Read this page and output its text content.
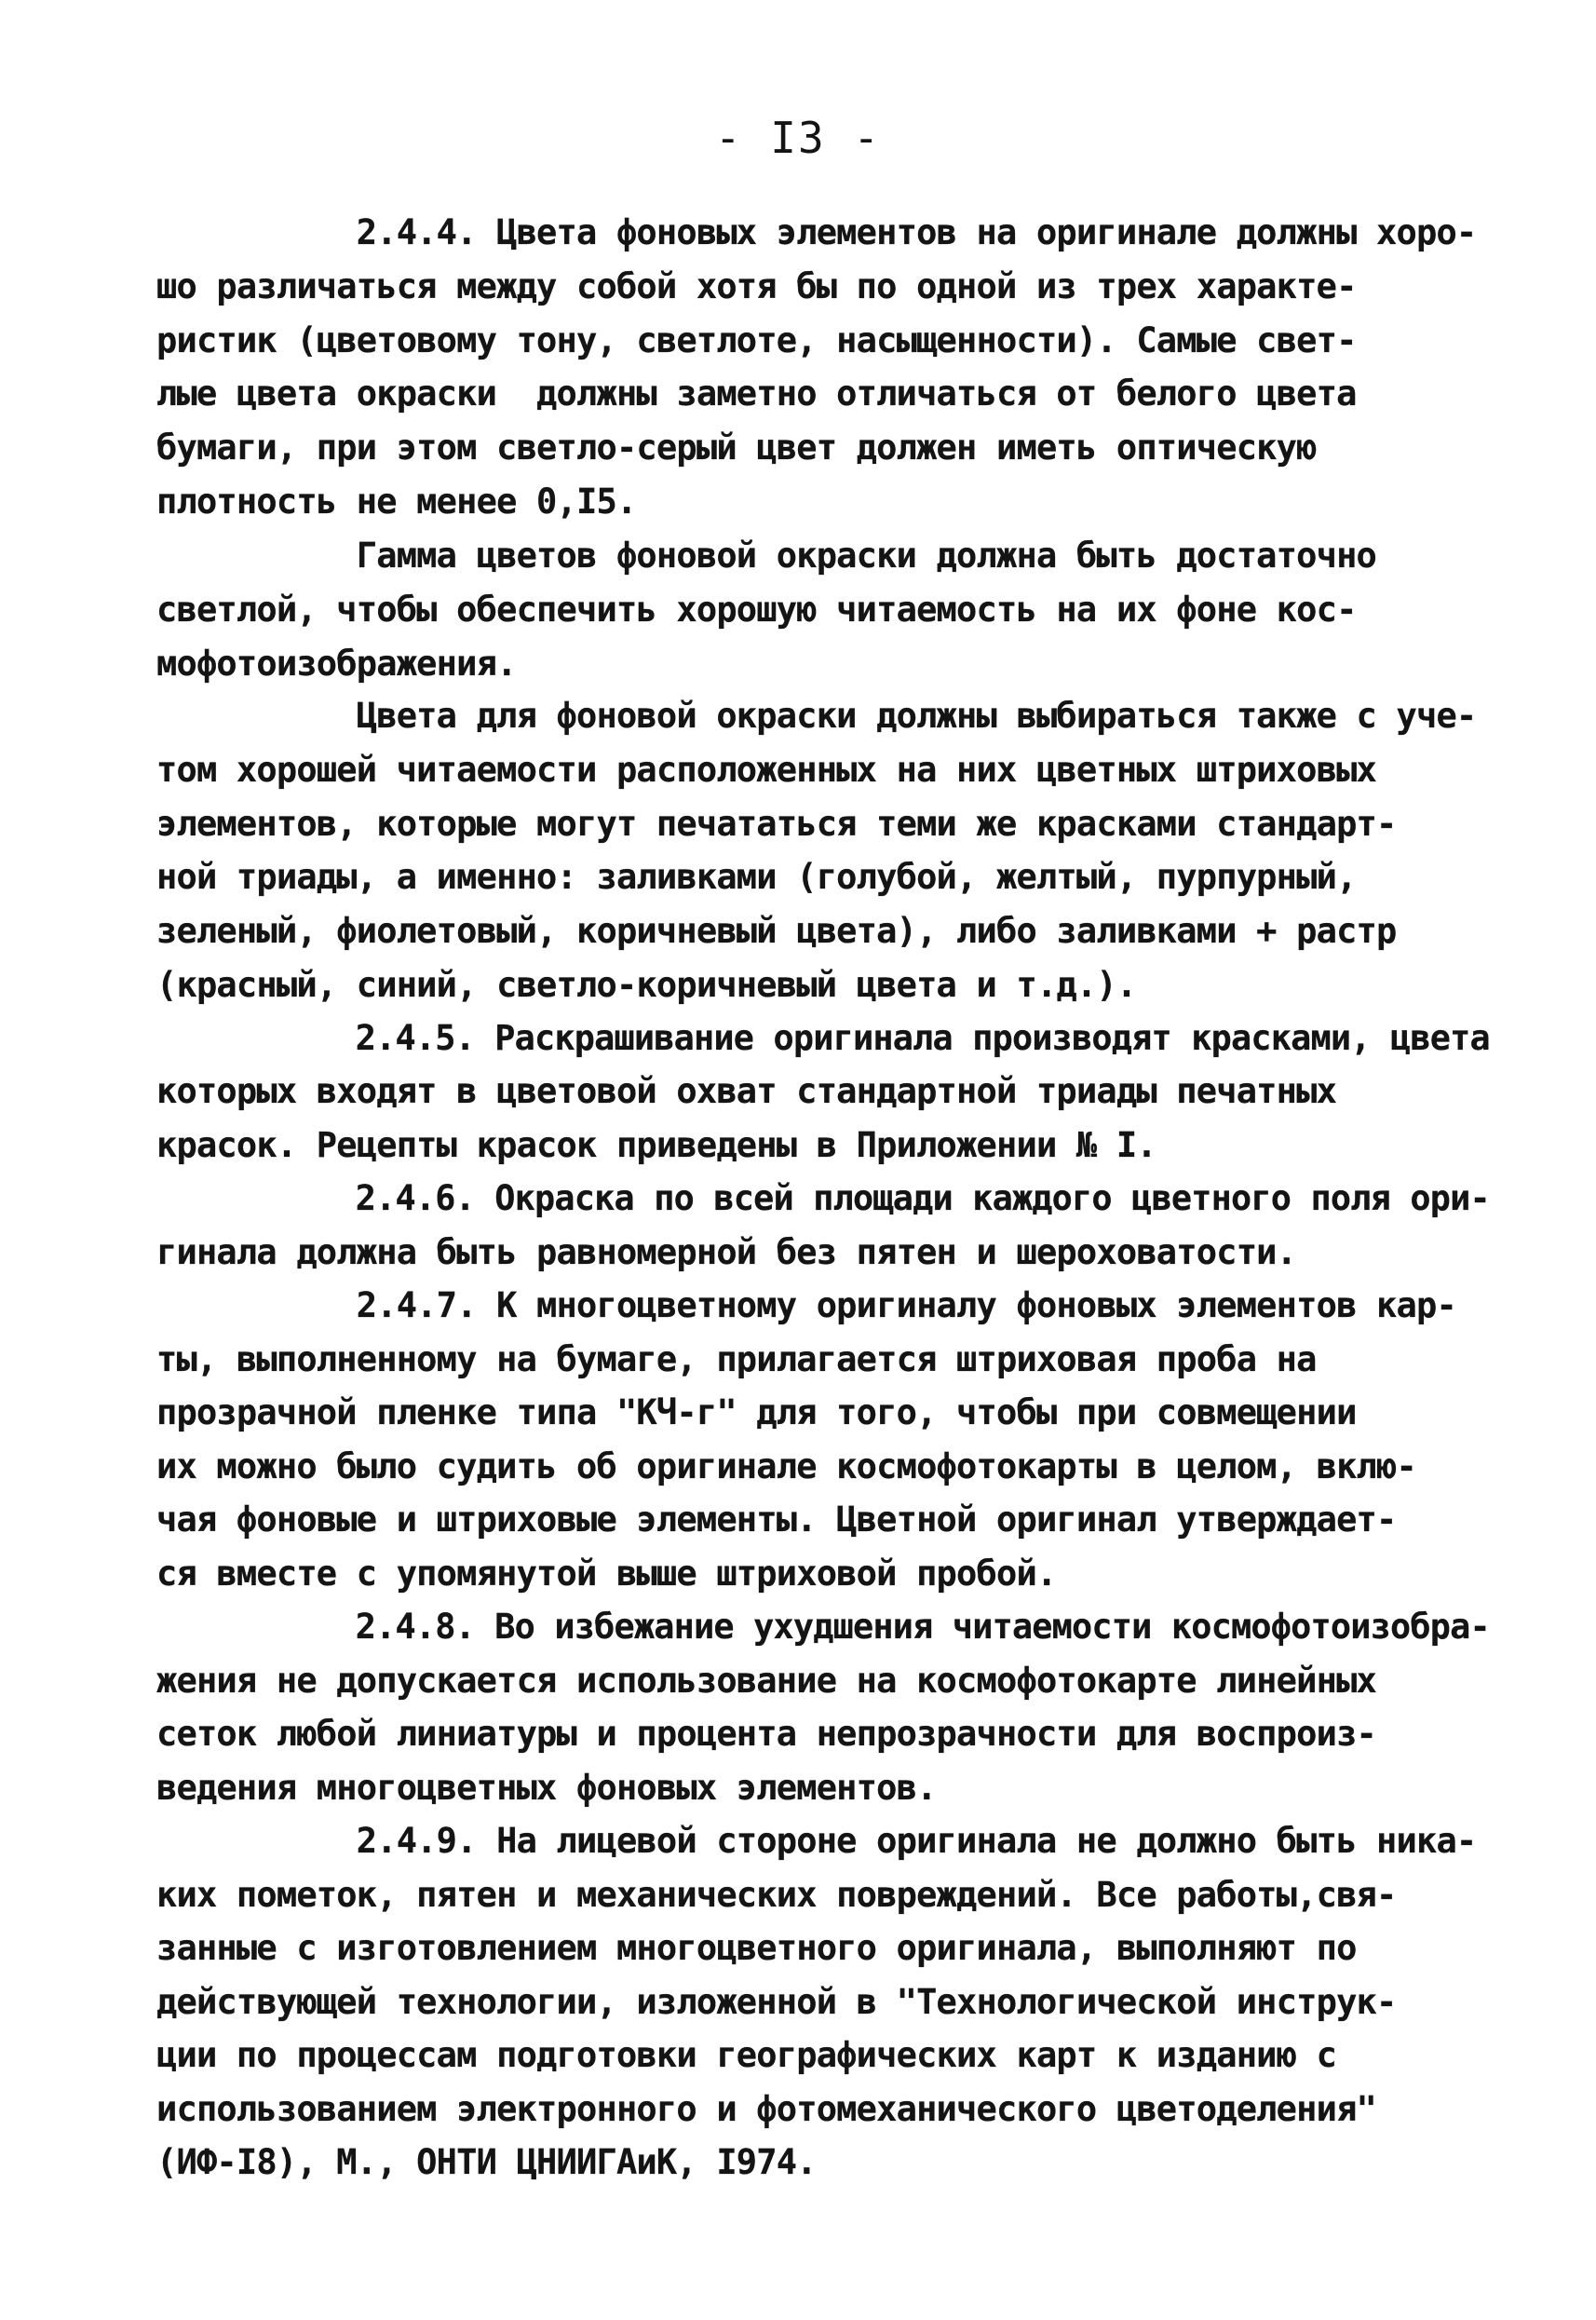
- I3 -
2.4.4. Цвета фоновых элементов на оригинале должны хоро-
шо различаться между собой хотя бы по одной из трех характе-
ристик (цветовому тону, светлоте, насыщенности). Самые свет-
лые цвета окраски  должны заметно отличаться от белого цвета
бумаги, при этом светло-серый цвет должен иметь оптическую
плотность не менее 0,I5.
Гамма цветов фоновой окраски должна быть достаточно
светлой, чтобы обеспечить хорошую читаемость на их фоне кос-
мофотоизображения.
Цвета для фоновой окраски должны выбираться также с уче-
том хорошей читаемости расположенных на них цветных штриховых
элементов, которые могут печататься теми же красками стандарт-
ной триады, а именно: заливками (голубой, желтый, пурпурный,
зеленый, фиолетовый, коричневый цвета), либо заливками + растр
(красный, синий, светло-коричневый цвета и т.д.).
2.4.5. Раскрашивание оригинала производят красками, цвета
которых входят в цветовой охват стандартной триады печатных
красок. Рецепты красок приведены в Приложении № I.
2.4.6. Окраска по всей площади каждого цветного поля ори-
гинала должна быть равномерной без пятен и шероховатости.
2.4.7. К многоцветному оригиналу фоновых элементов кар-
ты, выполненному на бумаге, прилагается штриховая проба на
прозрачной пленке типа "КЧ-г" для того, чтобы при совмещении
их можно было судить об оригинале космофотокарты в целом, вклю-
чая фоновые и штриховые элементы. Цветной оригинал утверждает-
ся вместе с упомянутой выше штриховой пробой.
2.4.8. Во избежание ухудшения читаемости космофотоизобра-
жения не допускается использование на космофотокарте линейных
сеток любой линиатуры и процента непрозрачности для воспроиз-
ведения многоцветных фоновых элементов.
2.4.9. На лицевой стороне оригинала не должно быть ника-
ких пометок, пятен и механических повреждений. Все работы,свя-
занные с изготовлением многоцветного оригинала, выполняют по
действующей технологии, изложенной в "Технологической инструк-
ции по процессам подготовки географических карт к изданию с
использованием электронного и фотомеханического цветоделения"
(ИФ-I8), М., ОНТИ ЦНИИГАиК, I974.
